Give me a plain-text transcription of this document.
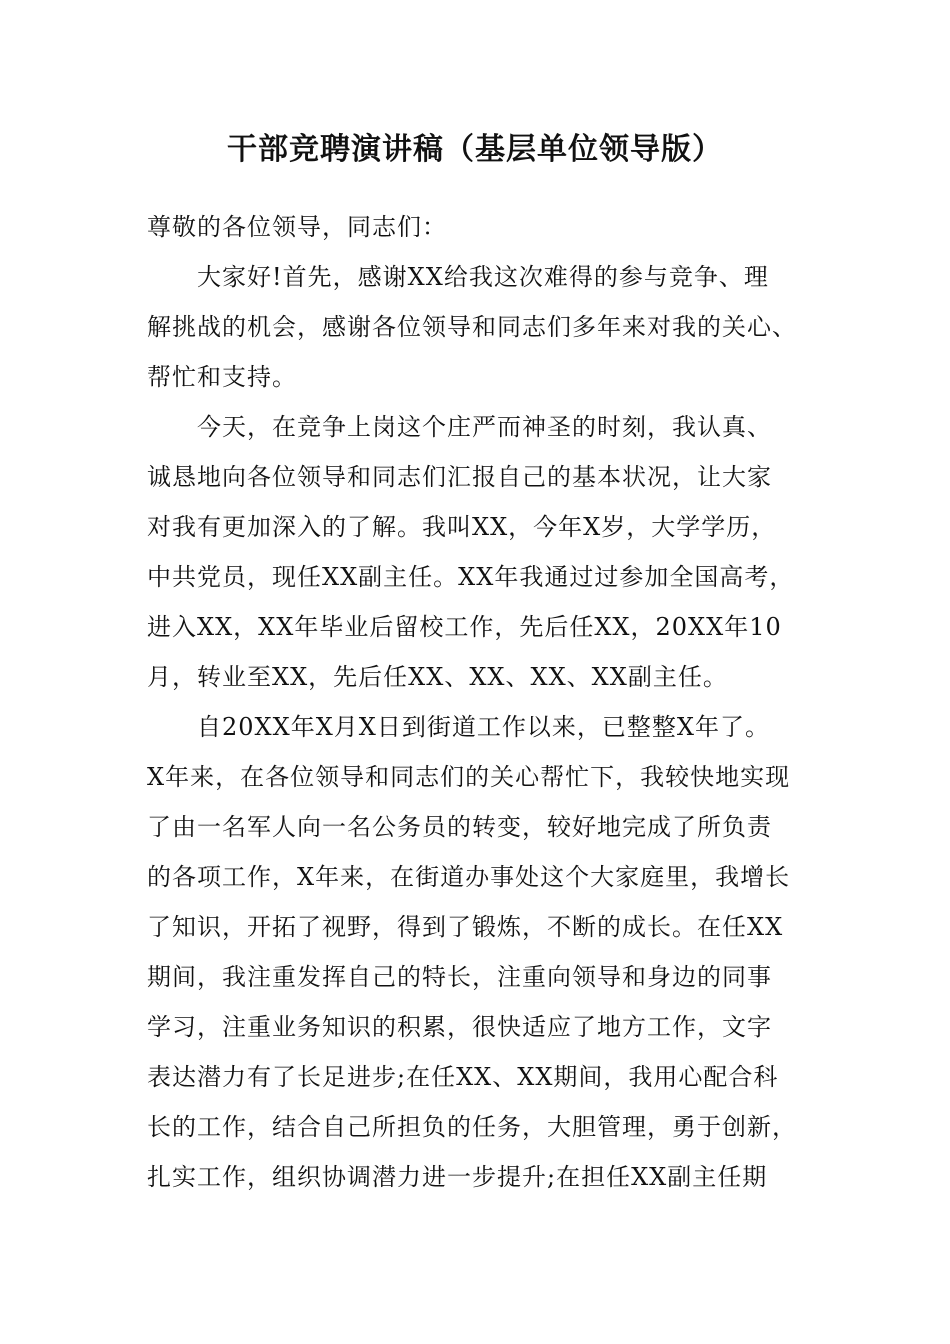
干部竞聘演讲稿（基层单位领导版）
尊敬的各位领导，同志们：
大家好!首先，感谢XX给我这次难得的参与竞争、理
解挑战的机会，感谢各位领导和同志们多年来对我的关心、
帮忙和支持。
今天，在竞争上岗这个庄严而神圣的时刻，我认真、
诚恳地向各位领导和同志们汇报自己的基本状况，让大家
对我有更加深入的了解。我叫XX，今年X岁，大学学历，
中共党员，现任XX副主任。XX年我通过过参加全国高考，
进入XX，XX年毕业后留校工作，先后任XX，20XX年10
月，转业至XX，先后任XX、XX、XX、XX副主任。
自20XX年X月X日到街道工作以来，已整整X年了。
X年来，在各位领导和同志们的关心帮忙下，我较快地实现
了由一名军人向一名公务员的转变，较好地完成了所负责
的各项工作，X年来，在街道办事处这个大家庭里，我增长
了知识，开拓了视野，得到了锻炼，不断的成长。在任XX
期间，我注重发挥自己的特长，注重向领导和身边的同事
学习，注重业务知识的积累，很快适应了地方工作，文字
表达潜力有了长足进步;在任XX、XX期间，我用心配合科
长的工作，结合自己所担负的任务，大胆管理，勇于创新，
扎实工作，组织协调潜力进一步提升;在担任XX副主任期
